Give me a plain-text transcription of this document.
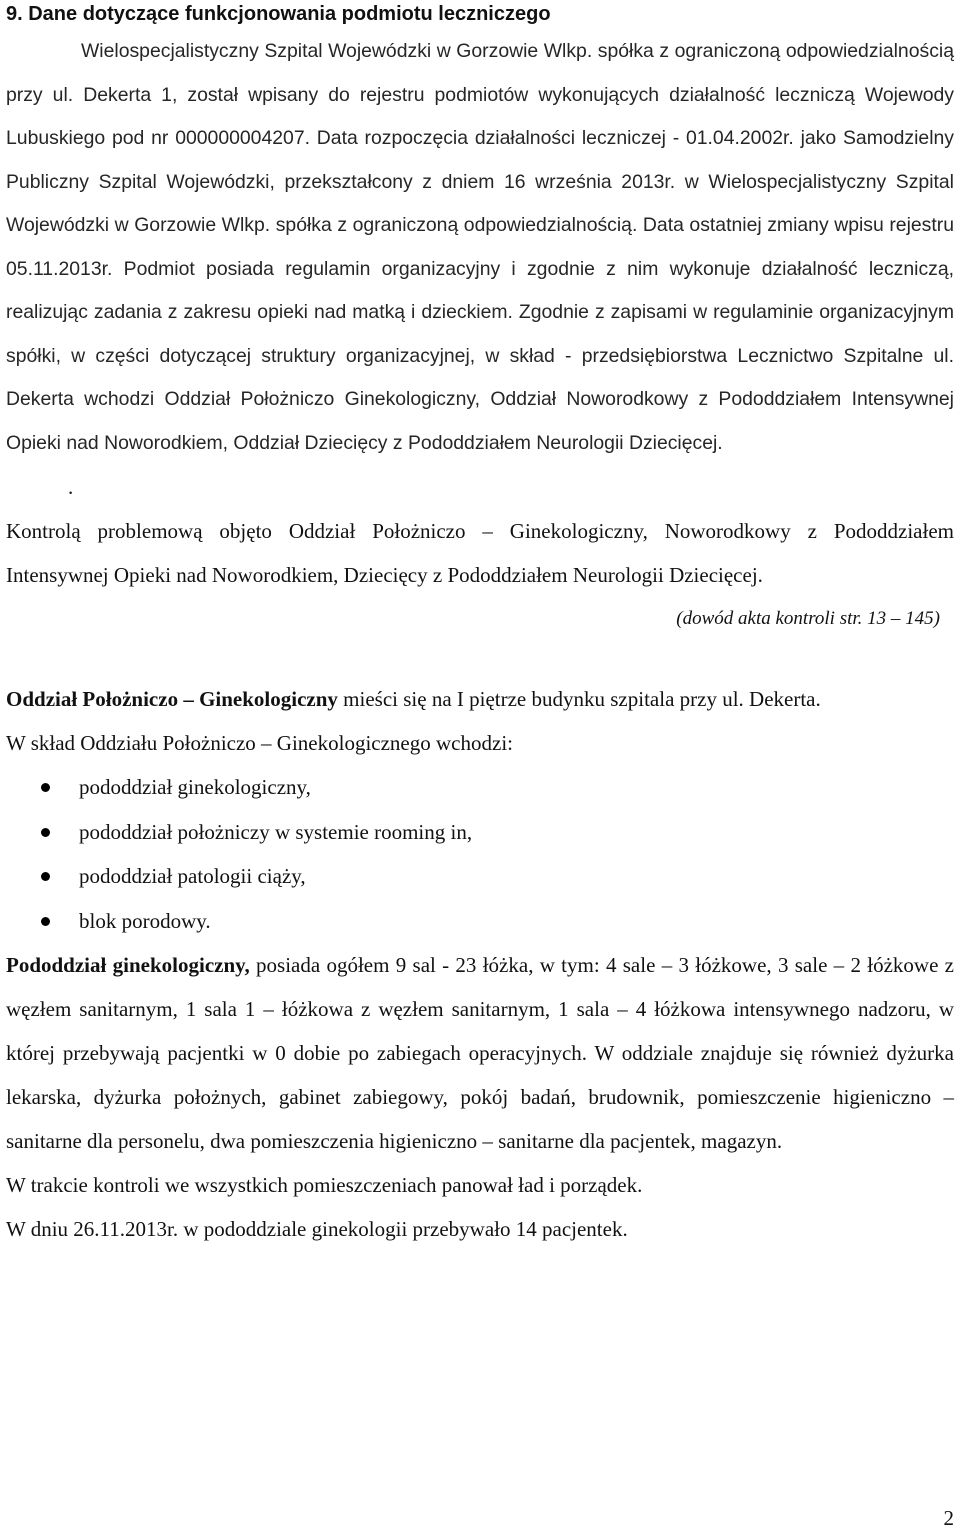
9. Dane dotyczące funkcjonowania podmiotu leczniczego

Wielospecjalistyczny Szpital Wojewódzki w Gorzowie Wlkp. spółka z ograniczoną odpowiedzialnością przy ul. Dekerta 1, został wpisany do rejestru podmiotów wykonujących działalność leczniczą Wojewody Lubuskiego pod nr 000000004207. Data rozpoczęcia działalności leczniczej - 01.04.2002r. jako Samodzielny Publiczny Szpital Wojewódzki, przekształcony z dniem 16 września 2013r. w Wielospecjalistyczny Szpital Wojewódzki w Gorzowie Wlkp. spółka z ograniczoną odpowiedzialnością. Data ostatniej zmiany wpisu rejestru 05.11.2013r. Podmiot posiada regulamin organizacyjny i zgodnie z nim wykonuje działalność leczniczą, realizując zadania z zakresu opieki nad matką i dzieckiem. Zgodnie z zapisami w regulaminie organizacyjnym spółki, w części dotyczącej struktury organizacyjnej, w skład - przedsiębiorstwa Lecznictwo Szpitalne ul. Dekerta wchodzi Oddział Położniczo Ginekologiczny, Oddział Noworodkowy z Pododdziałem Intensywnej Opieki nad Noworodkiem, Oddział Dziecięcy z Pododdziałem Neurologii Dziecięcej.

.

Kontrolą problemową objęto Oddział Położniczo – Ginekologiczny, Noworodkowy z Pododdziałem Intensywnej Opieki nad Noworodkiem, Dziecięcy z Pododdziałem Neurologii Dziecięcej.

(dowód akta kontroli str. 13 – 145)

Oddział Położniczo – Ginekologiczny mieści się na I piętrze budynku szpitala przy ul. Dekerta.

W skład Oddziału Położniczo – Ginekologicznego wchodzi:

pododdział ginekologiczny,
pododdział położniczy w systemie rooming in,
pododdział patologii ciąży,
blok porodowy.

Pododdział ginekologiczny, posiada ogółem 9 sal - 23 łóżka, w tym: 4 sale – 3 łóżkowe, 3 sale – 2 łóżkowe z węzłem sanitarnym, 1 sala 1 – łóżkowa z węzłem sanitarnym, 1 sala – 4 łóżkowa intensywnego nadzoru, w której przebywają pacjentki w 0 dobie po zabiegach operacyjnych. W oddziale znajduje się również dyżurka lekarska, dyżurka położnych, gabinet zabiegowy, pokój badań, brudownik, pomieszczenie higieniczno – sanitarne dla personelu, dwa pomieszczenia higieniczno – sanitarne dla pacjentek, magazyn.

W trakcie kontroli we wszystkich pomieszczeniach panował ład i porządek.

W dniu 26.11.2013r. w pododdziale ginekologii przebywało 14 pacjentek.

2
